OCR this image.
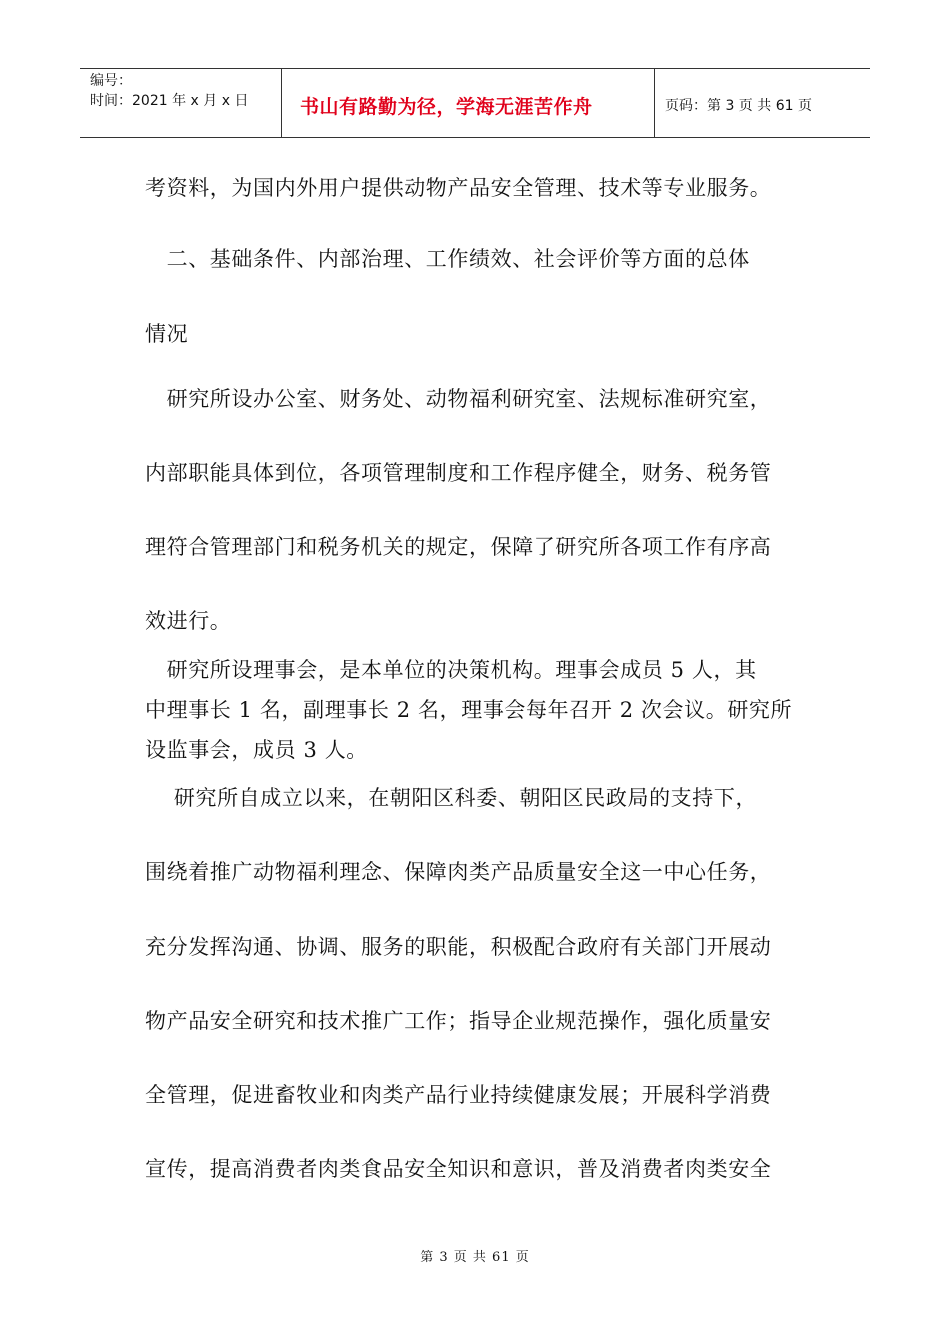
编号：
时间：2021 年 x 月 x 日	书山有路勤为径，学海无涯苦作舟	页码：第 3 页 共 61 页

考资料，为国内外用户提供动物产品安全管理、技术等专业服务。

　二、基础条件、内部治理、工作绩效、社会评价等方面的总体

情况

　研究所设办公室、财务处、动物福利研究室、法规标准研究室，

内部职能具体到位，各项管理制度和工作程序健全，财务、税务管

理符合管理部门和税务机关的规定，保障了研究所各项工作有序高

效进行。

　研究所设理事会，是本单位的决策机构。理事会成员 5 人，其

中理事长 1 名，副理事长 2 名，理事会每年召开 2 次会议。研究所

设监事会，成员 3 人。

　 研究所自成立以来，在朝阳区科委、朝阳区民政局的支持下，

围绕着推广动物福利理念、保障肉类产品质量安全这一中心任务，

充分发挥沟通、协调、服务的职能，积极配合政府有关部门开展动

物产品安全研究和技术推广工作；指导企业规范操作，强化质量安

全管理，促进畜牧业和肉类产品行业持续健康发展；开展科学消费

宣传，提高消费者肉类食品安全知识和意识，普及消费者肉类安全

第 3 页 共 61 页
